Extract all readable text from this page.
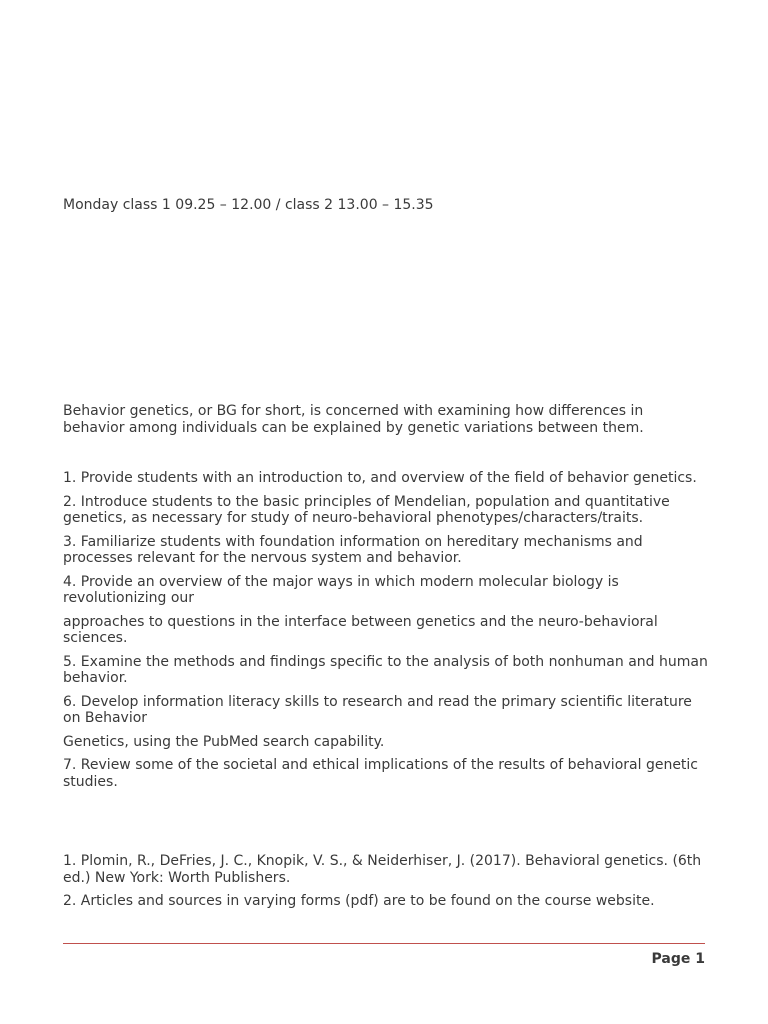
Monday class 1 09.25 – 12.00 / class 2 13.00 – 15.35

Behavior genetics, or BG for short, is concerned with examining how differences in behavior among individuals can be explained by genetic variations between them.

1. Provide students with an introduction to, and overview of the field of behavior genetics.

2. Introduce students to the basic principles of Mendelian, population and quantitative genetics, as necessary for study of neuro-behavioral phenotypes/characters/traits.

3. Familiarize students with foundation information on hereditary mechanisms and processes relevant for the nervous system and behavior.

4. Provide an overview of the major ways in which modern molecular biology is revolutionizing our

approaches to questions in the interface between genetics and the neuro-behavioral sciences.

5. Examine the methods and findings specific to the analysis of both nonhuman and human behavior.

6. Develop information literacy skills to research and read the primary scientific literature on Behavior

Genetics, using the PubMed search capability.

7. Review some of the societal and ethical implications of the results of behavioral genetic studies.

1. Plomin, R., DeFries, J. C., Knopik, V. S., & Neiderhiser, J. (2017). Behavioral genetics. (6th ed.) New York: Worth Publishers.

2. Articles and sources in varying forms (pdf) are to be found on the course website.

Page 1
